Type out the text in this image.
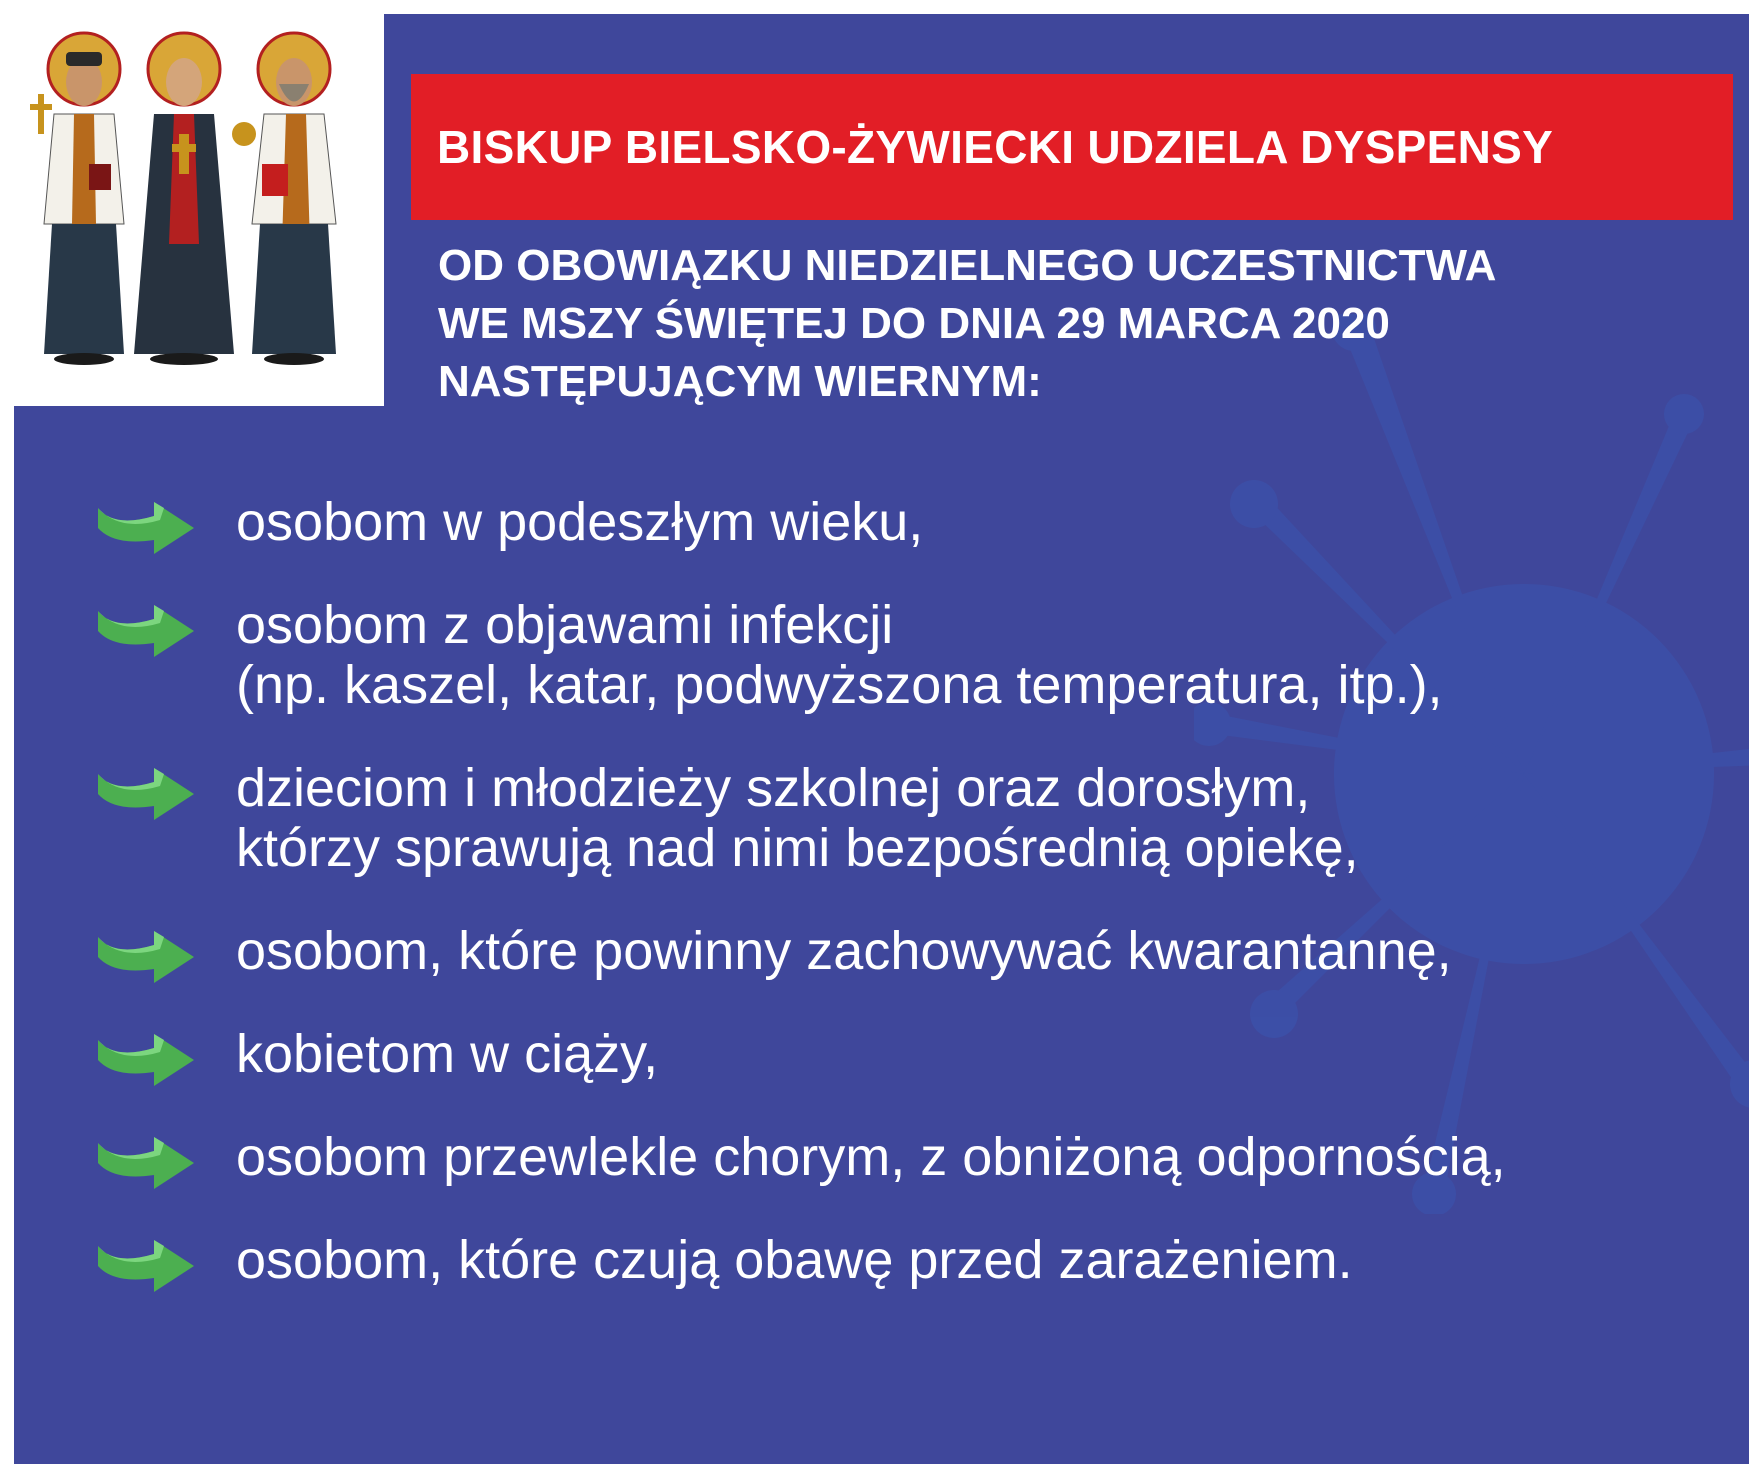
BISKUP BIELSKO-ŻYWIECKI UDZIELA DYSPENSY
OD OBOWIĄZKU NIEDZIELNEGO UCZESTNICTWA
WE MSZY ŚWIĘTEJ DO DNIA 29 MARCA 2020
NASTĘPUJĄCYM WIERNYM:
osobom w podeszłym wieku,
osobom z objawami infekcji
(np. kaszel, katar, podwyższona temperatura, itp.),
dzieciom i młodzieży szkolnej oraz dorosłym,
którzy sprawują nad nimi bezpośrednią opiekę,
osobom, które powinny zachowywać kwarantannę,
kobietom w ciąży,
osobom przewlekle chorym, z obniżoną odpornością,
osobom, które czują obawę przed zarażeniem.
